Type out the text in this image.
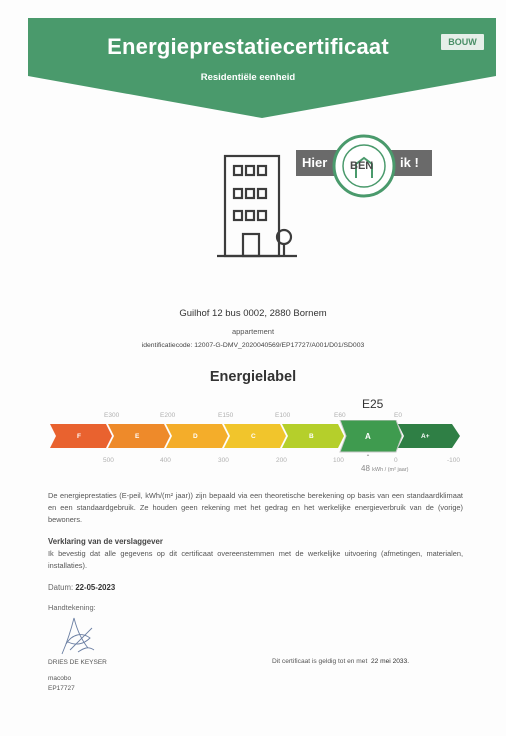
Energieprestatiecertificaat
Residentiële eenheid
BOUW
Hier BEN ik !
Guilhof 12 bus 0002, 2880 Bornem
appartement
identificatiecode: 12007-G-DMV_2020040569/EP17727/A001/D01/SD003
Energielabel
E25
E300	E200	E150	E100	E60	E0
F	E	D	C	B	A	A+
500	400	300	200	100	0	-100
48 kWh / (m² jaar)
De energieprestaties (E-peil, kWh/(m² jaar)) zijn bepaald via een theoretische berekening op basis van een standaardklimaat en een standaardgebruik. Ze houden geen rekening met het gedrag en het werkelijke energieverbruik van de (vorige) bewoners.
Verklaring van de verslaggever
Ik bevestig dat alle gegevens op dit certificaat overeenstemmen met de werkelijke uitvoering (afmetingen, materialen, installaties).
Datum: 22-05-2023
Handtekening:
DRIES DE KEYSER
macobo
EP17727
Dit certificaat is geldig tot en met 22 mei 2033.
